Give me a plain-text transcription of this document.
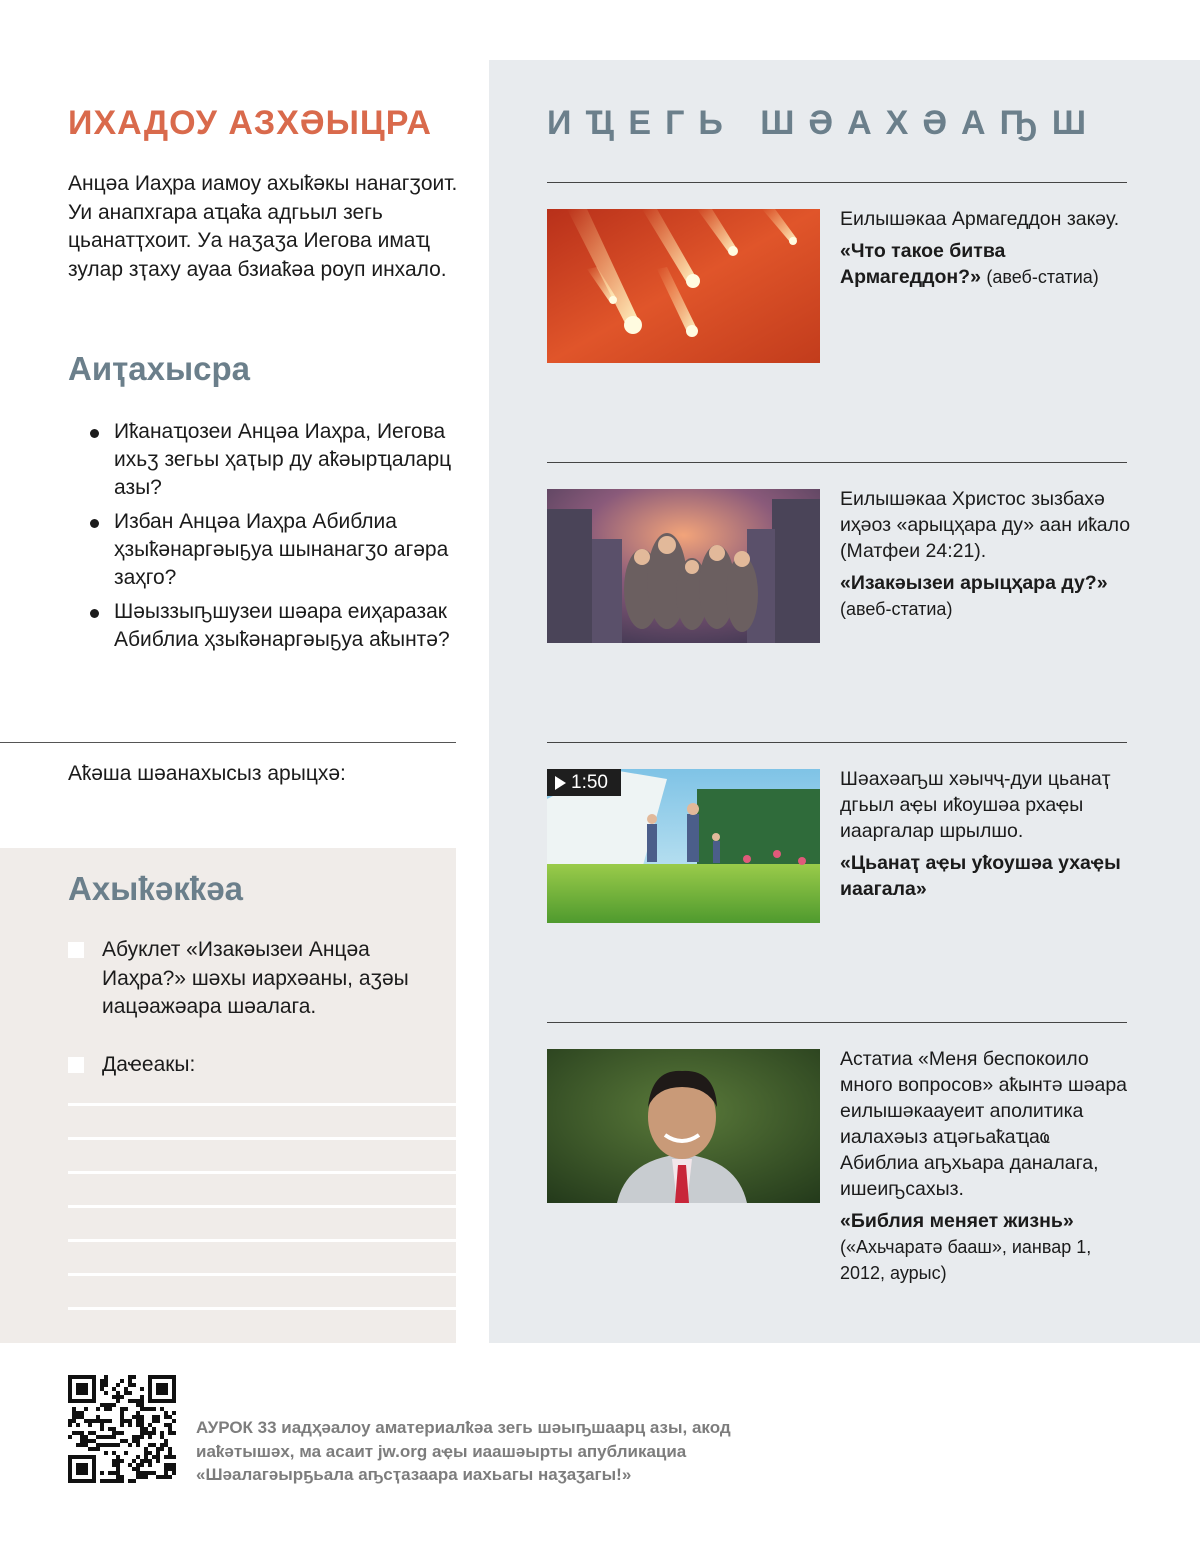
ИХАДОУ АЗХӘЫЦРА

Анцәа Иаҳра иамоу ахыҟәкы нанагӡоит. Уи анапхгара аҵаҟа адгьыл зегь цьанатҭхоит. Уа наӡаӡа Иегова имаҵ зулар зҭаху ауаа бзиаҟәа роуп инхало.

Аиҭахысра
Иҟанаҵозеи Анцәа Иаҳра, Иегова ихьӡ зегьы ҳаҭыр ду аҟәырҵаларц азы?
Избан Анцәа Иаҳра Абиблиа ҳзыҟәнаргәыҕуа шынанагӡо агәра заҳго?
Шәыззыҧшузеи шәара еиҳаразак Абиблиа ҳзыҟәнаргәыҕуа аҟынтә?

Аҟәша шәанахысыз арыцхә:

Ахыҟәкҟәа
Абуклет «Изакәызеи Анцәа Иаҳра?» шәхы иархәаны, аӡәы иацәажәара шәалага.
Даҽеакы:
ИҴЕГЬ ШӘАХӘАҦШ

Еилышәкаа Армагеддон закәу.

«Что такое битва Армагеддон?» (авеб-статиа)

Еилышәкаа Христос зызбахә иҳәоз «арыцҳара ду» аан иҟало (Матфеи 24:21).

«Изакәызеи арыцҳара ду?» (авеб-статиа)
1:50	Шәахәаҧш хәычҷ-дуи цьанаҭ дгьыл аҿы иҟоушәа рхаҿы иааргалар шрылшо.

«Цьанаҭ аҿы уҟоушәа ухаҿы иаагала»

Астатиа «Меня беспокоило много вопросов» аҟынтә шәара еилышәкаауеит аполитика иалахәыз аҵәгьаҟаҵаҩ Абиблиа аҧхьара даналага, ишеиҧсахыз.

«Библия меняет жизнь»
(«Ахьчаратә бааш», ианвар 1, 2012, аурыс)

АУРОК 33 иадҳәалоу аматериалҟәа зегь шәыҧшаарц азы, акод иаҟәтышәх, ма асаит jw.org аҿы иаашәырты апубликациа «Шәалагәырҕьала аҧсҭазаара иахьагы наӡаӡагы!»
